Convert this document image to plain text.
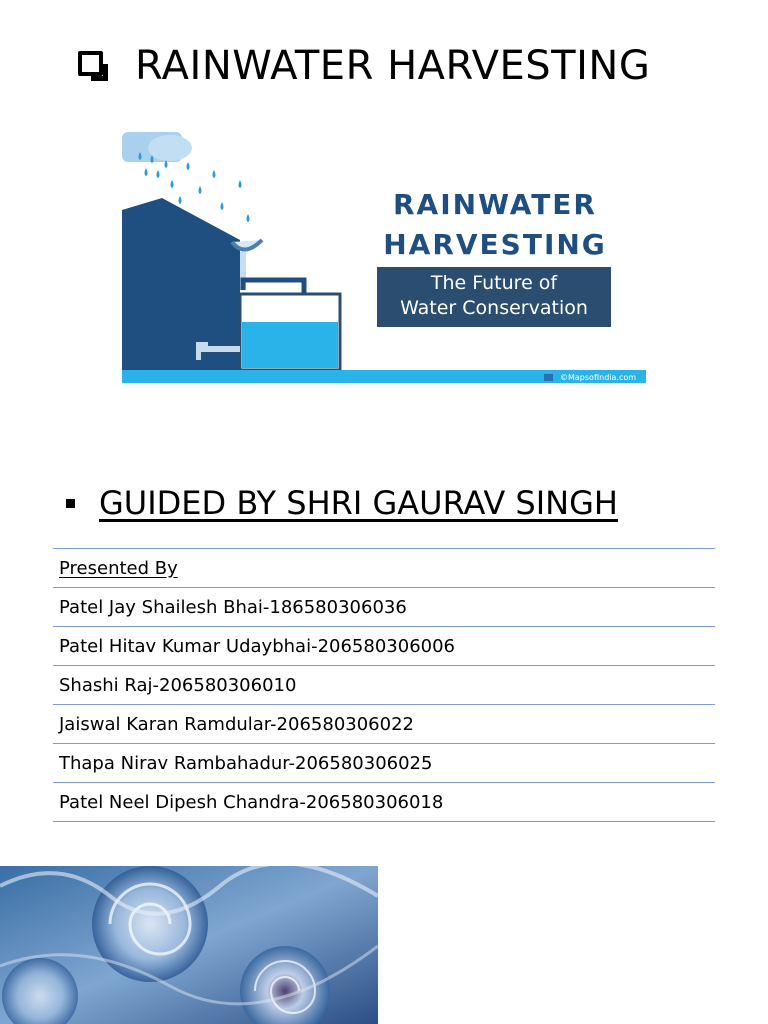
RAINWATER HARVESTING
RAINWATER
HARVESTING
The Future of
Water Conservation
©MapsofIndia.com
GUIDED BY SHRI GAURAV SINGH
Presented By
Patel Jay Shailesh Bhai-186580306036
Patel Hitav Kumar Udaybhai-206580306006
Shashi Raj-206580306010
Jaiswal Karan Ramdular-206580306022
Thapa Nirav Rambahadur-206580306025
Patel Neel Dipesh Chandra-206580306018
